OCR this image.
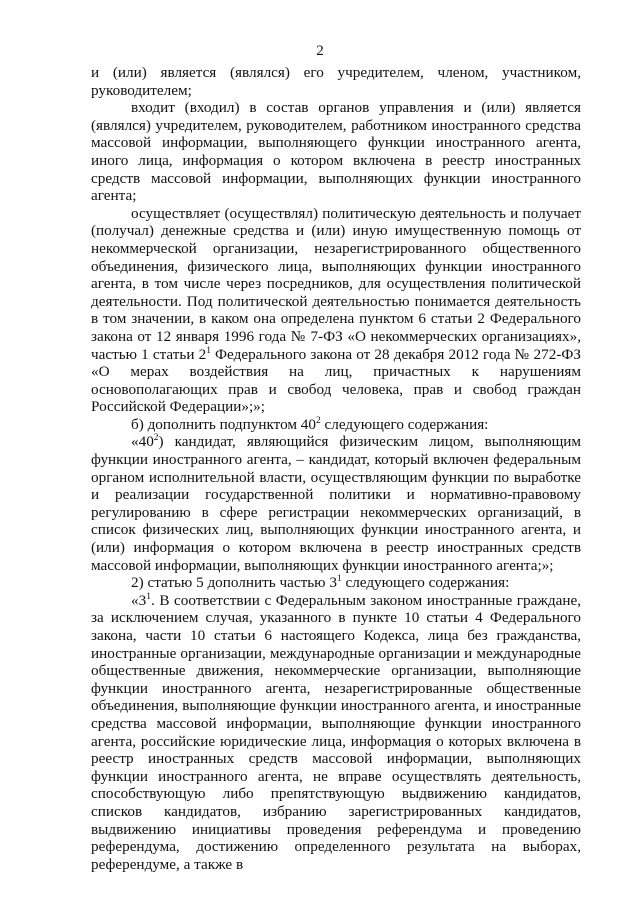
2

и (или) является (являлся) его учредителем, членом, участником, руководителем;

входит (входил) в состав органов управления и (или) является (являлся) учредителем, руководителем, работником иностранного средства массовой информации, выполняющего функции иностранного агента, иного лица, информация о котором включена в реестр иностранных средств массовой информации, выполняющих функции иностранного агента;

осуществляет (осуществлял) политическую деятельность и получает (получал) денежные средства и (или) иную имущественную помощь от некоммерческой организации, незарегистрированного общественного объединения, физического лица, выполняющих функции иностранного агента, в том числе через посредников, для осуществления политической деятельности. Под политической деятельностью понимается деятельность в том значении, в каком она определена пунктом 6 статьи 2 Федерального закона от 12 января 1996 года № 7-ФЗ «О некоммерческих организациях», частью 1 статьи $2^1$ Федерального закона от 28 декабря 2012 года № 272-ФЗ «О мерах воздействия на лиц, причастных к нарушениям основополагающих прав и свобод человека, прав и свобод граждан Российской Федерации»;»;

б) дополнить подпунктом $40^2$ следующего содержания:

«$40^2$) кандидат, являющийся физическим лицом, выполняющим функции иностранного агента, – кандидат, который включен федеральным органом исполнительной власти, осуществляющим функции по выработке и реализации государственной политики и нормативно-правовому регулированию в сфере регистрации некоммерческих организаций, в список физических лиц, выполняющих функции иностранного агента, и (или) информация о котором включена в реестр иностранных средств массовой информации, выполняющих функции иностранного агента;»;

2) статью 5 дополнить частью $3^1$ следующего содержания:

«$3^1$. В соответствии с Федеральным законом иностранные граждане, за исключением случая, указанного в пункте 10 статьи 4 Федерального закона, части 10 статьи 6 настоящего Кодекса, лица без гражданства, иностранные организации, международные организации и международные общественные движения, некоммерческие организации, выполняющие функции иностранного агента, незарегистрированные общественные объединения, выполняющие функции иностранного агента, и иностранные средства массовой информации, выполняющие функции иностранного агента, российские юридические лица, информация о которых включена в реестр иностранных средств массовой информации, выполняющих функции иностранного агента, не вправе осуществлять деятельность, способствующую либо препятствующую выдвижению кандидатов, списков кандидатов, избранию зарегистрированных кандидатов, выдвижению инициативы проведения референдума и проведению референдума, достижению определенного результата на выборах, референдуме, а также в
